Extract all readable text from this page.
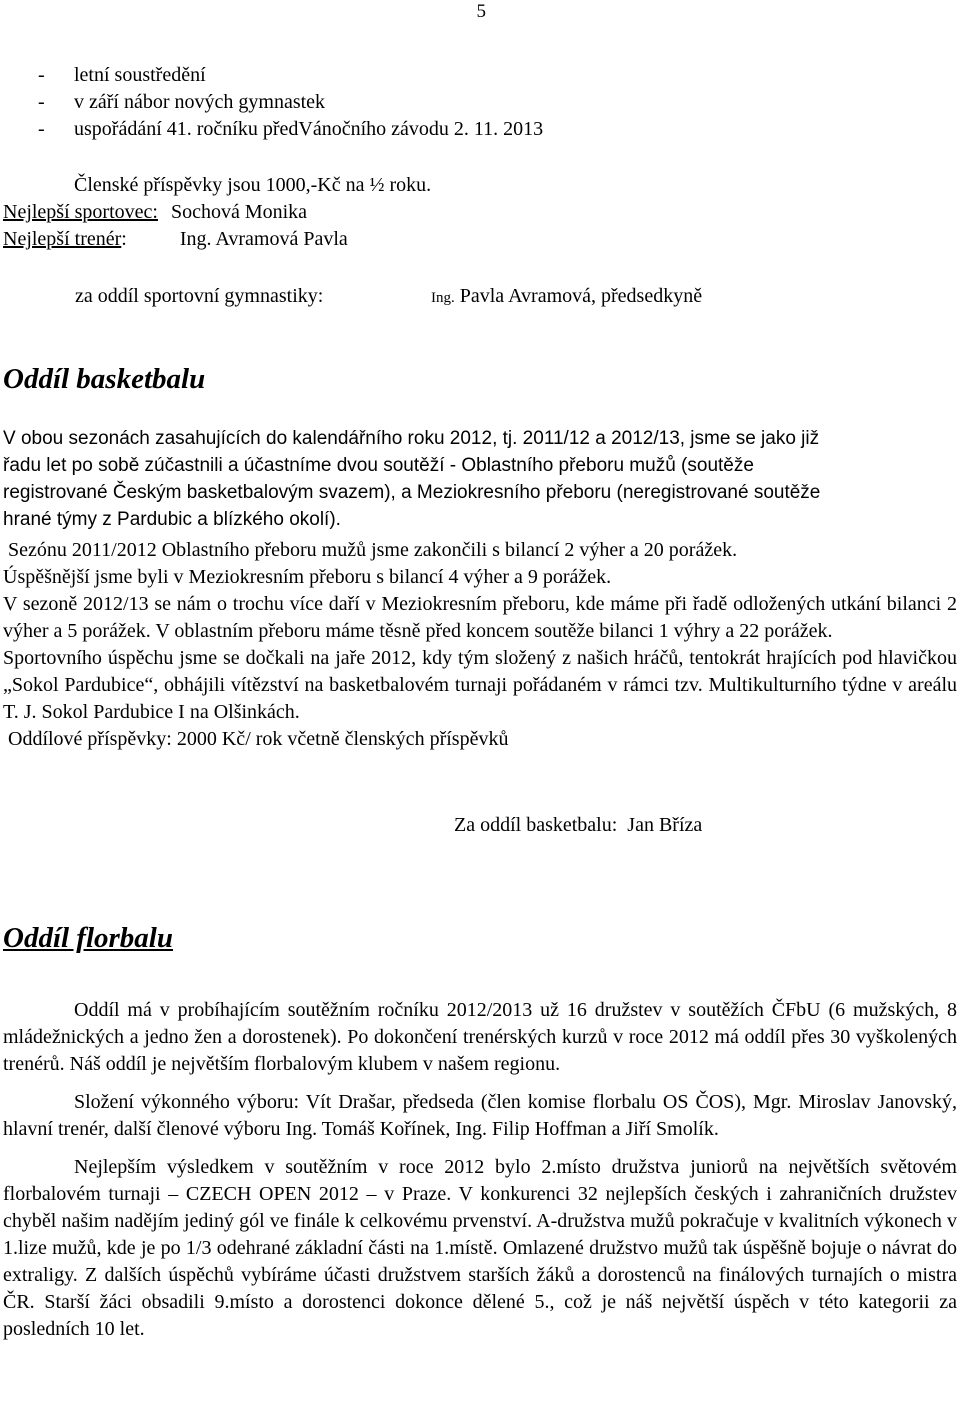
5
- letní soustředění
- v září nábor nových gymnastek
- uspořádání 41. ročníku předVánočního závodu 2. 11. 2013
Členské příspěvky jsou 1000,-Kč na ½ roku.
Nejlepší sportovec: Sochová Monika
Nejlepší trenér:	Ing. Avramová Pavla
za oddíl sportovní gymnastiky:	Ing. Pavla Avramová, předsedkyně
Oddíl basketbalu
V obou sezonách zasahujících do kalendářního roku 2012, tj. 2011/12 a 2012/13, jsme se jako již
řadu let po sobě zúčastnili a účastníme dvou soutěží - Oblastního přeboru mužů (soutěže
registrované Českým basketbalovým svazem), a Meziokresního přeboru (neregistrované soutěže
hrané týmy z Pardubic a blízkého okolí).

Sezónu 2011/2012 Oblastního přeboru mužů jsme zakončili s bilancí 2 výher a 20 porážek.

Úspěšnější jsme byli v Meziokresním přeboru s bilancí 4 výher a 9 porážek.

V sezoně 2012/13 se nám o trochu více daří v Meziokresním přeboru, kde máme při řadě odložených utkání bilanci 2 výher a 5 porážek. V oblastním přeboru máme těsně před koncem soutěže bilanci 1 výhry a 22 porážek.

Sportovního úspěchu jsme se dočkali na jaře 2012, kdy tým složený z našich hráčů, tentokrát hrajících pod hlavičkou „Sokol Pardubice“, obhájili vítězství na basketbalovém turnaji pořádaném v rámci tzv. Multikulturního týdne v areálu T. J. Sokol Pardubice I na Olšinkách.

Oddílové příspěvky: 2000 Kč/ rok včetně členských příspěvků

Za oddíl basketbalu:  Jan Bříza
Oddíl florbalu

Oddíl má v probíhajícím soutěžním ročníku 2012/2013 už 16 družstev v soutěžích ČFbU (6 mužských, 8 mládežnických a jedno žen a dorostenek). Po dokončení trenérských kurzů v roce 2012 má oddíl přes 30 vyškolených trenérů. Náš oddíl je největším florbalovým klubem v našem regionu.

Složení výkonného výboru: Vít Drašar, předseda (člen komise florbalu OS ČOS), Mgr. Miroslav Janovský, hlavní trenér, další členové výboru Ing. Tomáš Kořínek, Ing. Filip Hoffman a Jiří Smolík.

Nejlepším výsledkem v soutěžním v roce 2012 bylo 2.místo družstva juniorů na největších světovém florbalovém turnaji – CZECH OPEN 2012 – v Praze. V konkurenci 32 nejlepších českých i zahraničních družstev chyběl našim nadějím jediný gól ve finále k celkovému prvenství. A-družstva mužů pokračuje v kvalitních výkonech v 1.lize mužů, kde je po 1/3 odehrané základní části na 1.místě. Omlazené družstvo mužů tak úspěšně bojuje o návrat do extraligy. Z dalších úspěchů vybíráme účasti družstvem starších žáků a dorostenců na finálových turnajích o mistra ČR. Starší žáci obsadili 9.místo a dorostenci dokonce dělené 5., což je náš největší úspěch v této kategorii za posledních 10 let.
